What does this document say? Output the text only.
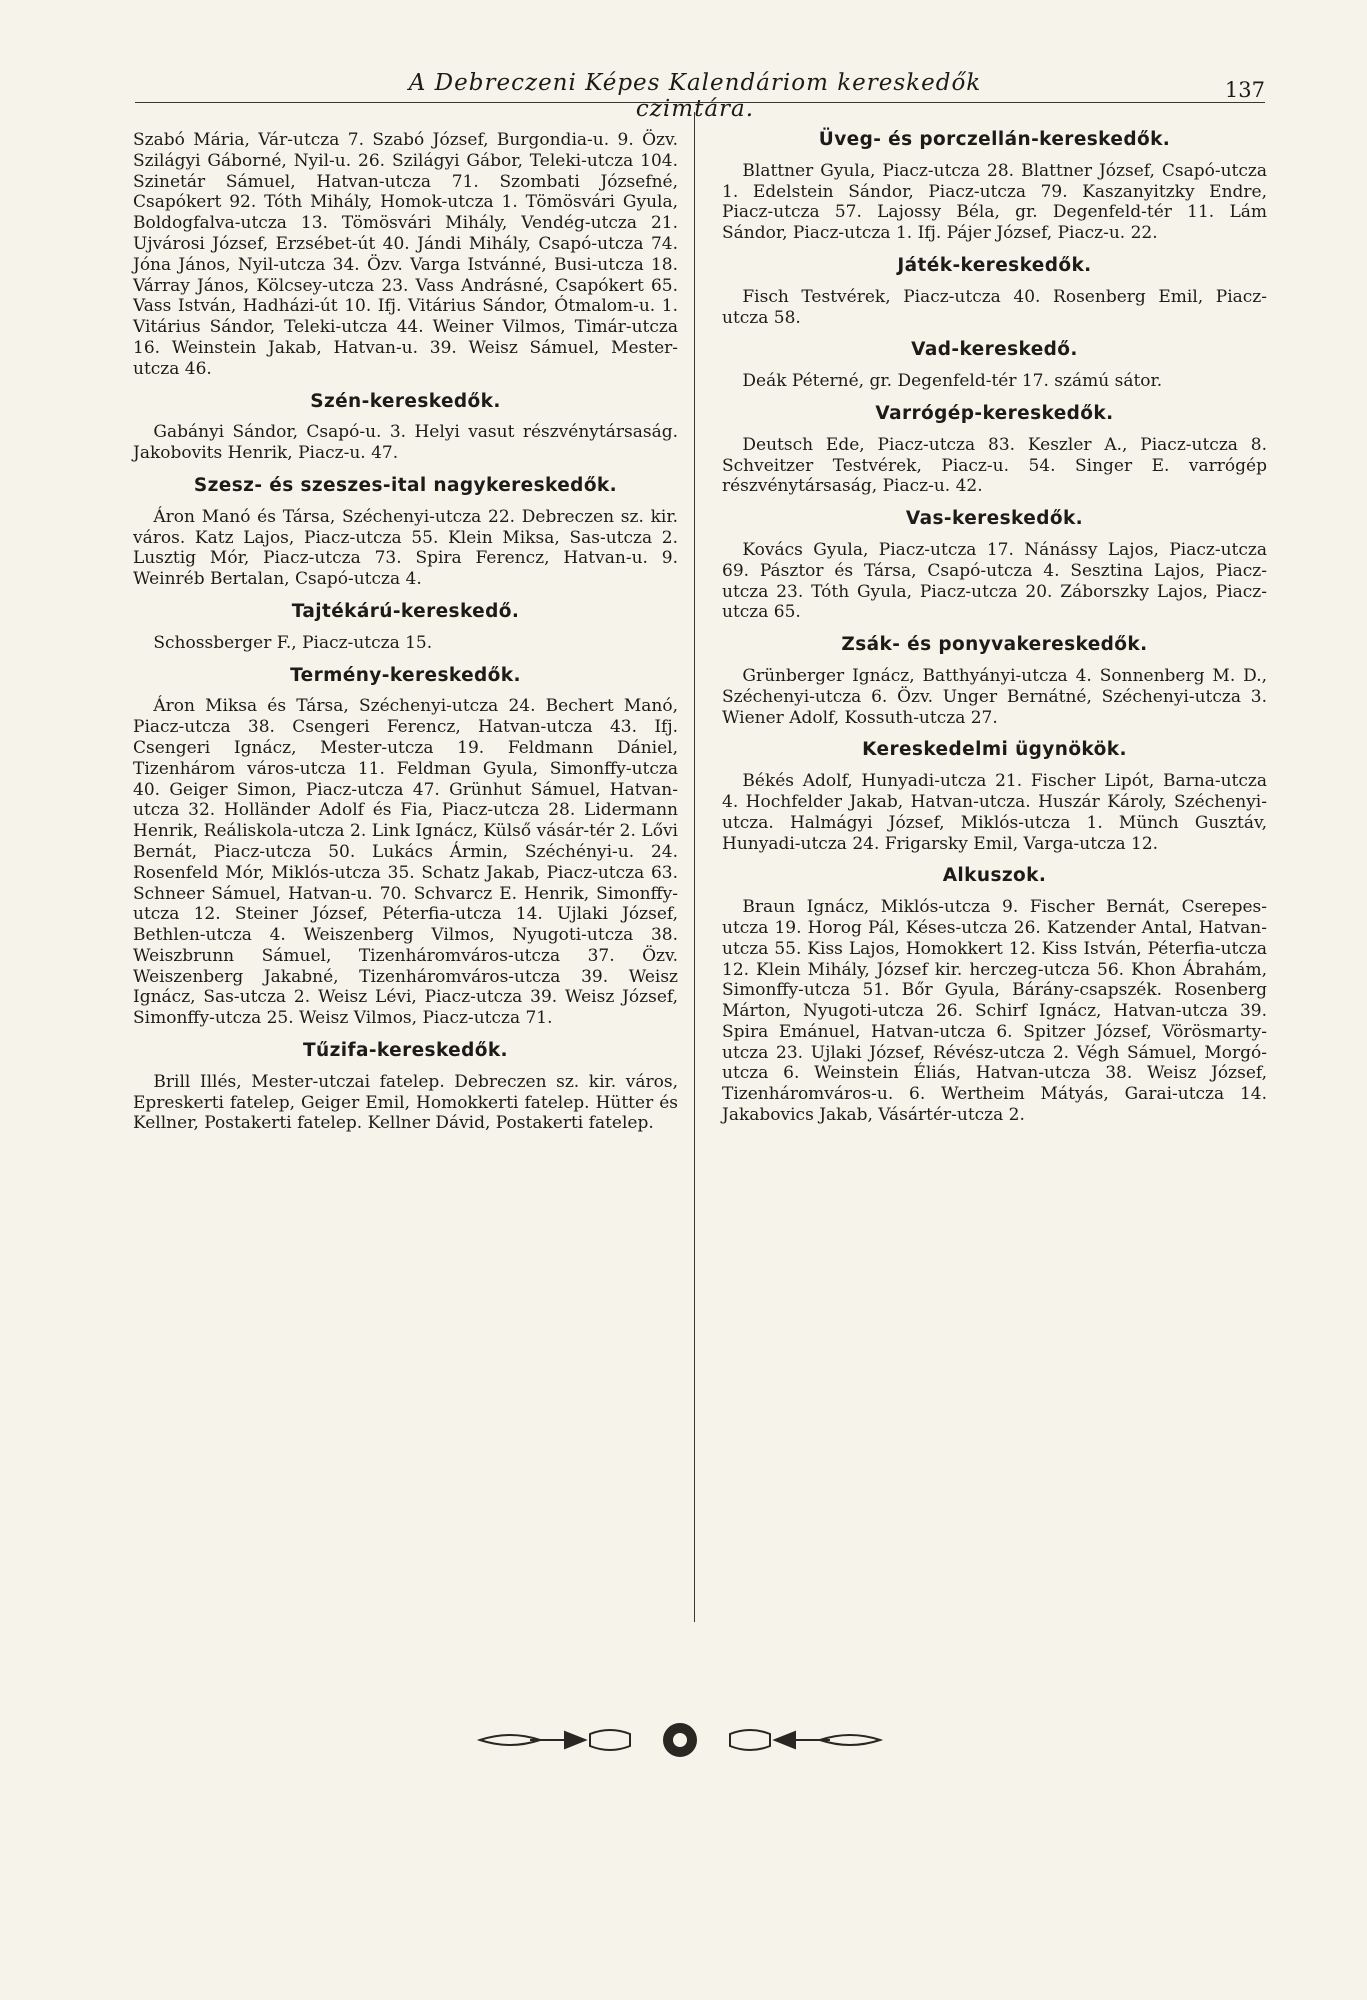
A Debreczeni Képes Kalendáriom kereskedők czimtára.
137

Szabó Mária, Vár-utcza 7. Szabó József, Burgondia-u. 9. Özv. Szilágyi Gáborné, Nyil-u. 26. Szilágyi Gábor, Teleki-utcza 104. Szinetár Sámuel, Hatvan-utcza 71. Szombati Józsefné, Csapókert 92. Tóth Mihály, Homok-utcza 1. Tömösvári Gyula, Boldogfalva-utcza 13. Tömösvári Mihály, Vendég-utcza 21. Ujvárosi József, Erzsébet-út 40. Jándi Mihály, Csapó-utcza 74. Jóna János, Nyil-utcza 34. Özv. Varga Istvánné, Busi-utcza 18. Várray János, Kölcsey-utcza 23. Vass Andrásné, Csapókert 65. Vass István, Hadházi-út 10. Ifj. Vitárius Sándor, Ótmalom-u. 1. Vitárius Sándor, Teleki-utcza 44. Weiner Vilmos, Timár-utcza 16. Weinstein Jakab, Hatvan-u. 39. Weisz Sámuel, Mester-utcza 46.

Szén-kereskedők.

Gabányi Sándor, Csapó-u. 3. Helyi vasut részvénytársaság. Jakobovits Henrik, Piacz-u. 47.

Szesz- és szeszes-ital nagykereskedők.

Áron Manó és Társa, Széchenyi-utcza 22. Debreczen sz. kir. város. Katz Lajos, Piacz-utcza 55. Klein Miksa, Sas-utcza 2. Lusztig Mór, Piacz-utcza 73. Spira Ferencz, Hatvan-u. 9. Weinréb Bertalan, Csapó-utcza 4.

Tajtékárú-kereskedő.

Schossberger F., Piacz-utcza 15.

Termény-kereskedők.

Áron Miksa és Társa, Széchenyi-utcza 24. Bechert Manó, Piacz-utcza 38. Csengeri Ferencz, Hatvan-utcza 43. Ifj. Csengeri Ignácz, Mester-utcza 19. Feldmann Dániel, Tizenhárom város-utcza 11. Feldman Gyula, Simonffy-utcza 40. Geiger Simon, Piacz-utcza 47. Grünhut Sámuel, Hatvan-utcza 32. Holländer Adolf és Fia, Piacz-utcza 28. Lidermann Henrik, Reáliskola-utcza 2. Link Ignácz, Külső vásár-tér 2. Lővi Bernát, Piacz-utcza 50. Lukács Ármin, Széchényi-u. 24. Rosenfeld Mór, Miklós-utcza 35. Schatz Jakab, Piacz-utcza 63. Schneer Sámuel, Hatvan-u. 70. Schvarcz E. Henrik, Simonffy-utcza 12. Steiner József, Péterfia-utcza 14. Ujlaki József, Bethlen-utcza 4. Weiszenberg Vilmos, Nyugoti-utcza 38. Weiszbrunn Sámuel, Tizenháromváros-utcza 37. Özv. Weiszenberg Jakabné, Tizenháromváros-utcza 39. Weisz Ignácz, Sas-utcza 2. Weisz Lévi, Piacz-utcza 39. Weisz József, Simonffy-utcza 25. Weisz Vilmos, Piacz-utcza 71.

Tűzifa-kereskedők.

Brill Illés, Mester-utczai fatelep. Debreczen sz. kir. város, Epreskerti fatelep, Geiger Emil, Homokkerti fatelep. Hütter és Kellner, Postakerti fatelep. Kellner Dávid, Postakerti fatelep.

Üveg- és porczellán-kereskedők.

Blattner Gyula, Piacz-utcza 28. Blattner József, Csapó-utcza 1. Edelstein Sándor, Piacz-utcza 79. Kaszanyitzky Endre, Piacz-utcza 57. Lajossy Béla, gr. Degenfeld-tér 11. Lám Sándor, Piacz-utcza 1. Ifj. Pájer József, Piacz-u. 22.

Játék-kereskedők.

Fisch Testvérek, Piacz-utcza 40. Rosenberg Emil, Piacz-utcza 58.

Vad-kereskedő.

Deák Péterné, gr. Degenfeld-tér 17. számú sátor.

Varrógép-kereskedők.

Deutsch Ede, Piacz-utcza 83. Keszler A., Piacz-utcza 8. Schveitzer Testvérek, Piacz-u. 54. Singer E. varrógép részvénytársaság, Piacz-u. 42.

Vas-kereskedők.

Kovács Gyula, Piacz-utcza 17. Nánássy Lajos, Piacz-utcza 69. Pásztor és Társa, Csapó-utcza 4. Sesztina Lajos, Piacz-utcza 23. Tóth Gyula, Piacz-utcza 20. Záborszky Lajos, Piacz-utcza 65.

Zsák- és ponyvakereskedők.

Grünberger Ignácz, Batthyányi-utcza 4. Sonnenberg M. D., Széchenyi-utcza 6. Özv. Unger Bernátné, Széchenyi-utcza 3. Wiener Adolf, Kossuth-utcza 27.

Kereskedelmi ügynökök.

Békés Adolf, Hunyadi-utcza 21. Fischer Lipót, Barna-utcza 4. Hochfelder Jakab, Hatvan-utcza. Huszár Károly, Széchenyi-utcza. Halmágyi József, Miklós-utcza 1. Münch Gusztáv, Hunyadi-utcza 24. Frigarsky Emil, Varga-utcza 12.

Alkuszok.

Braun Ignácz, Miklós-utcza 9. Fischer Bernát, Cserepes-utcza 19. Horog Pál, Késes-utcza 26. Katzender Antal, Hatvan-utcza 55. Kiss Lajos, Homokkert 12. Kiss István, Péterfia-utcza 12. Klein Mihály, József kir. herczeg-utcza 56. Khon Ábrahám, Simonffy-utcza 51. Bőr Gyula, Bárány-csapszék. Rosenberg Márton, Nyugoti-utcza 26. Schirf Ignácz, Hatvan-utcza 39. Spira Emánuel, Hatvan-utcza 6. Spitzer József, Vörösmarty-utcza 23. Ujlaki József, Révész-utcza 2. Végh Sámuel, Morgó-utcza 6. Weinstein Éliás, Hatvan-utcza 38. Weisz József, Tizenháromváros-u. 6. Wertheim Mátyás, Garai-utcza 14. Jakabovics Jakab, Vásártér-utcza 2.
